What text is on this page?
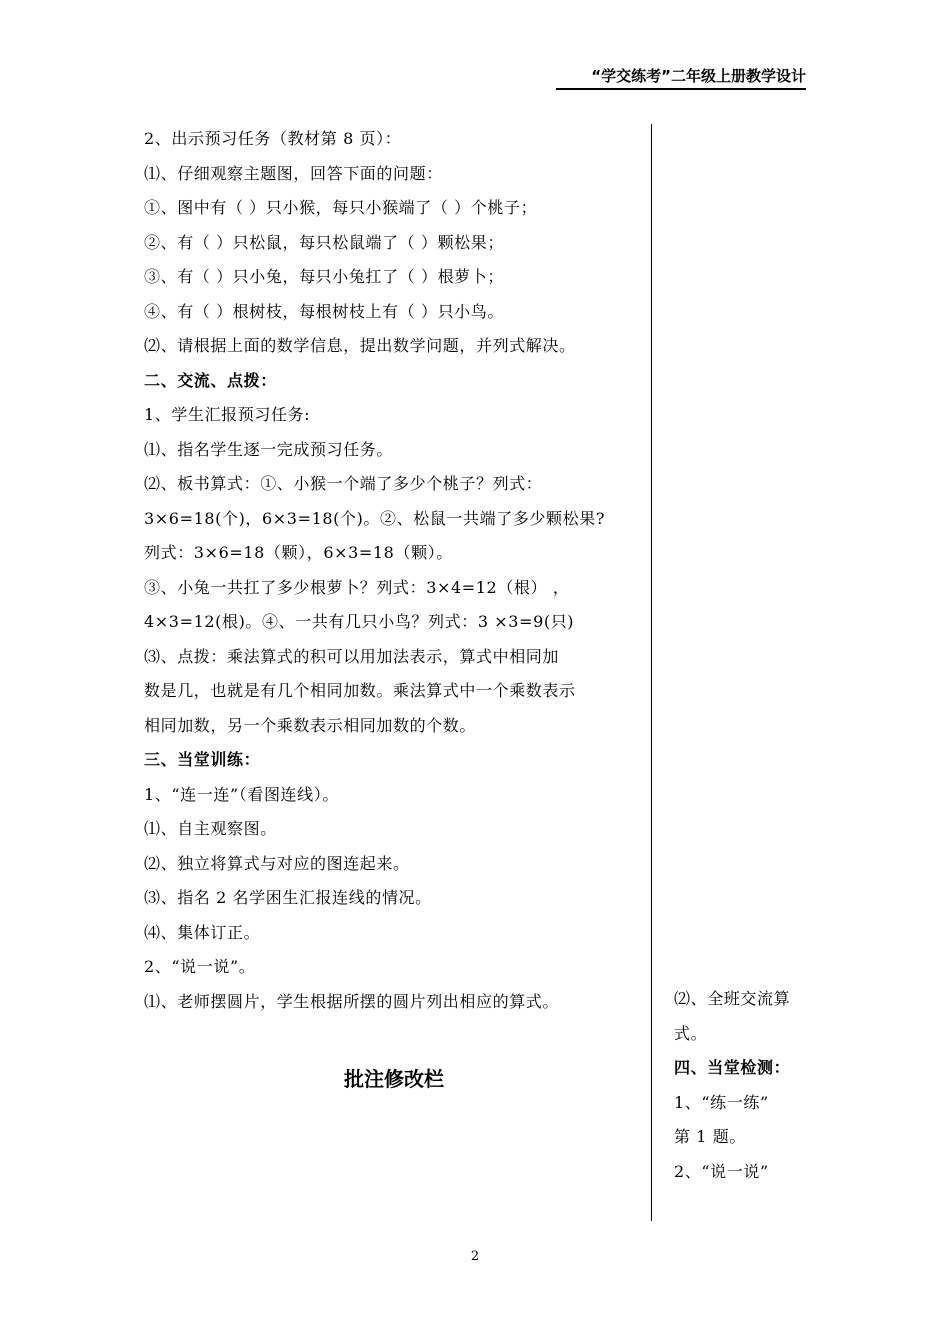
“学交练考”二年级上册教学设计

2、出示预习任务（教材第 8 页）：

⑴、仔细观察主题图，回答下面的问题：

①、图中有（ ）只小猴，每只小猴端了（ ）个桃子；

②、有（ ）只松鼠，每只松鼠端了（ ）颗松果；

③、有（ ）只小兔，每只小兔扛了（ ）根萝卜；

④、有（ ）根树枝，每根树枝上有（ ）只小鸟。

⑵、请根据上面的数学信息，提出数学问题，并列式解决。

二、交流、点拨：

1、学生汇报预习任务:

⑴、指名学生逐一完成预习任务。

⑵、板书算式：①、小猴一个端了多少个桃子？列式：

3×6=18(个)，6×3=18(个)。②、松鼠一共端了多少颗松果?

列式：3×6=18（颗），6×3=18（颗）。

③、小兔一共扛了多少根萝卜？列式：3×4=12（根） ，

4×3=12(根)。④、一共有几只小鸟？列式：3 ×3=9(只)

⑶、点拨：乘法算式的积可以用加法表示，算式中相同加

数是几，也就是有几个相同加数。乘法算式中一个乘数表示

相同加数，另一个乘数表示相同加数的个数。

三、当堂训练：

1、“连一连”（看图连线）。

⑴、自主观察图。

⑵、独立将算式与对应的图连起来。

⑶、指名 2 名学困生汇报连线的情况。

⑷、集体订正。

2、“说一说”。

⑴、老师摆圆片，学生根据所摆的圆片列出相应的算式。

批注修改栏

⑵、全班交流算

式。

四、当堂检测：

1、“练一练”

第 1 题。

2、“说一说”

2
